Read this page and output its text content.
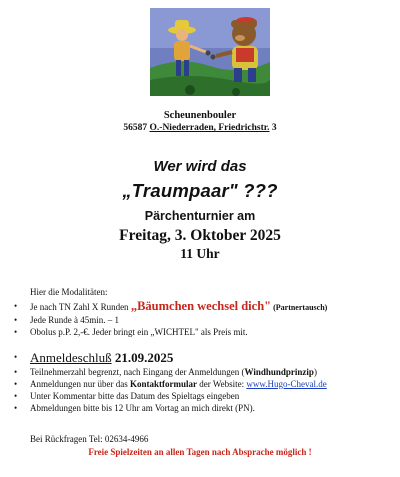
Scheunenbouler
56587 O.-Niederraden, Friedrichstr. 3
Wer wird das
„Traumpaar" ???
Pärchenturnier am
Freitag, 3. Oktober 2025
11 Uhr
Hier die Modalitäten:
• Je nach TN Zahl X Runden „Bäumchen wechsel dich" (Partnertausch)
• Jede Runde à 45min. – 1
• Obolus p.P. 2,-€. Jeder bringt ein „WICHTEL" als Preis mit.
• Anmeldeschluß 21.09.2025
• Teilnehmerzahl begrenzt, nach Eingang der Anmeldungen (Windhundprinzip)
• Anmeldungen nur über das Kontaktformular der Website: www.Hugo-Cheval.de
• Unter Kommentar bitte das Datum des Spieltags eingeben
• Abmeldungen bitte bis 12 Uhr am Vortag an mich direkt (PN).
Bei Rückfragen Tel: 02634-4966
Freie Spielzeiten an allen Tagen nach Absprache möglich !
